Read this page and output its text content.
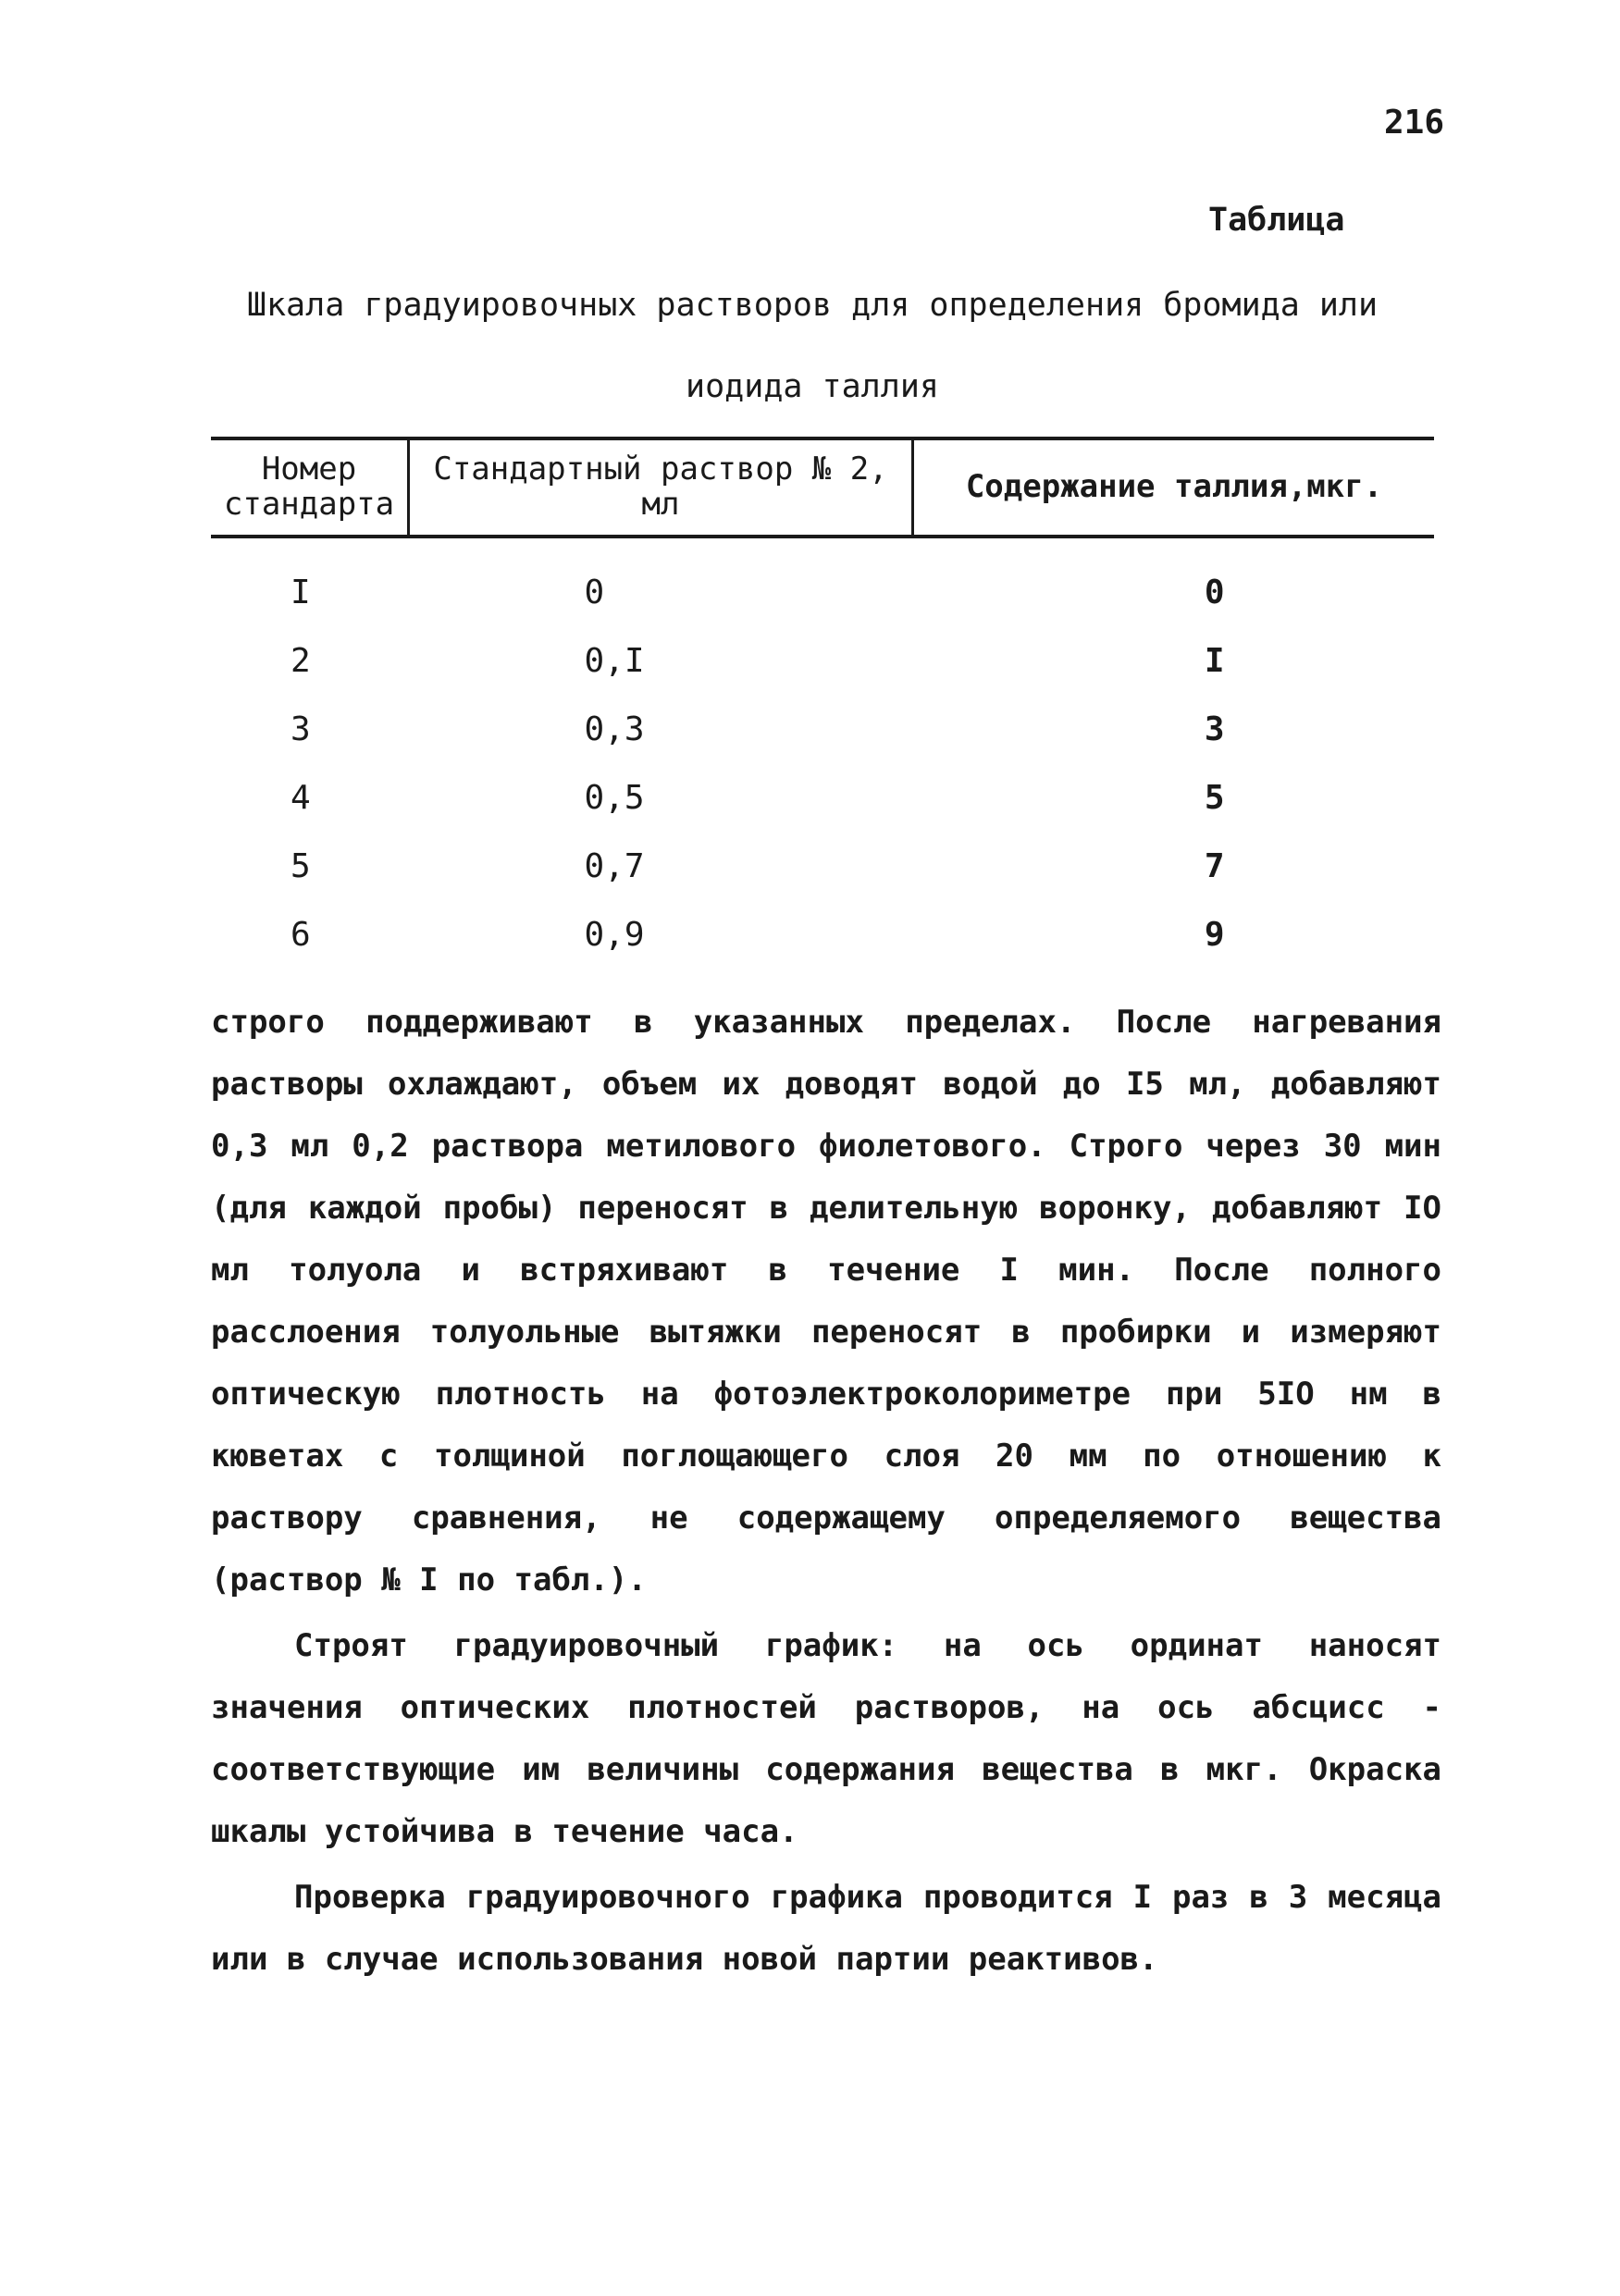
216
Таблица
Шкала градуировочных растворов для определения бромида или иодида таллия
Номер стандарта	Стандартный раствор № 2, мл	Содержание таллия,мкг.
I	0	0
2	0,I	I
3	0,3	3
4	0,5	5
5	0,7	7
6	0,9	9

строго поддерживают в указанных пределах. После нагревания растворы охлаждают, объем их доводят водой до I5 мл, добавляют 0,3 мл 0,2 раствора метилового фиолетового. Строго через 30 мин (для каждой пробы) переносят в делительную воронку, добавляют IO мл толуола и встряхивают в течение I мин. После полного расслоения толуольные вытяжки переносят в пробирки и измеряют оптическую плотность на фотоэлектроколориметре при 5IO нм в кюветах с толщиной поглощающего слоя 20 мм по отношению к раствору сравнения, не содержащему определяемого вещества (раствор № I по табл.).

Строят градуировочный график: на ось ординат наносят значения оптических плотностей растворов, на ось абсцисс - соответствующие им величины содержания вещества в мкг. Окраска шкалы устойчива в течение часа.

Проверка градуировочного графика проводится I раз в 3 месяца или в случае использования новой партии реактивов.
